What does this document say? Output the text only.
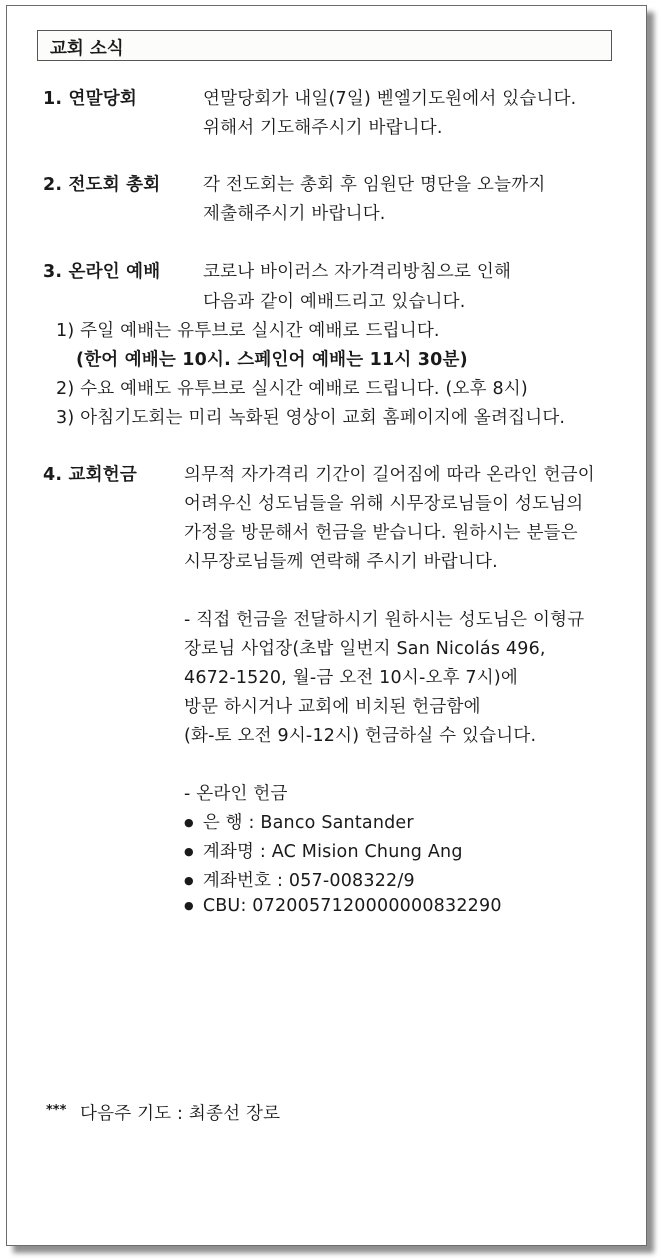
교회 소식
1. 연말당회	연말당회가 내일(7일) 벧엘기도원에서 있습니다.
위해서 기도해주시기 바랍니다.
2. 전도회 총회 각 전도회는 총회 후 임원단 명단을 오늘까지
제출해주시기 바랍니다.
3. 온라인 예배 코로나 바이러스 자가격리방침으로 인해
다음과 같이 예배드리고 있습니다.
1) 주일 예배는 유투브로 실시간 예배로 드립니다.
(한어 예배는 10시. 스페인어 예배는 11시 30분)
2) 수요 예배도 유투브로 실시간 예배로 드립니다. (오후 8시)
3) 아침기도회는 미리 녹화된 영상이 교회 홈페이지에 올려집니다.
4. 교회헌금	의무적 자가격리 기간이 길어짐에 따라 온라인 헌금이
어려우신 성도님들을 위해 시무장로님들이 성도님의
가정을 방문해서 헌금을 받습니다. 원하시는 분들은
시무장로님들께 연락해 주시기 바랍니다.
- 직접 헌금을 전달하시기 원하시는 성도님은 이형규
장로님 사업장(초밥 일번지 San Nicolás 496,
4672-1520, 월-금 오전 10시-오후 7시)에
방문 하시거나 교회에 비치된 헌금함에
(화-토 오전 9시-12시) 헌금하실 수 있습니다.
- 온라인 헌금
● 은 행 : Banco Santander
● 계좌명 : AC Mision Chung Ang
● 계좌번호 : 057-008322/9
● CBU: 0720057120000000832290
*** 다음주 기도 : 최종선 장로
